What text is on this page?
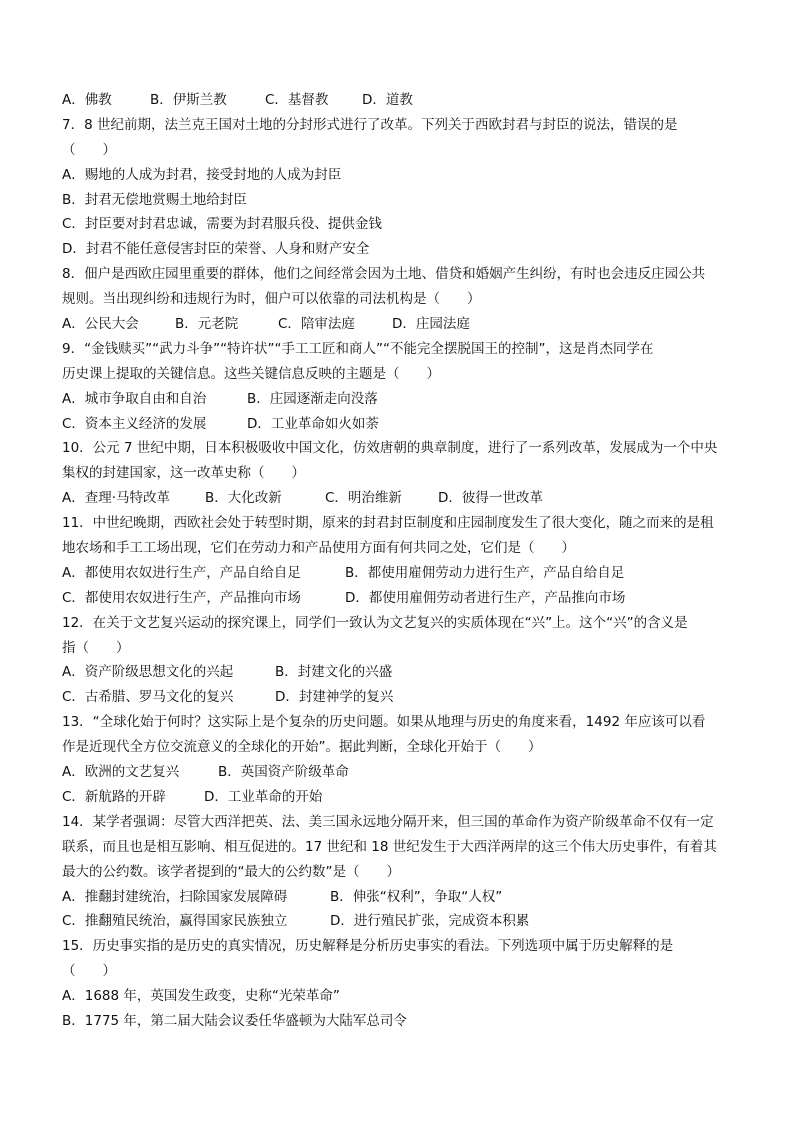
A．佛教	B．伊斯兰教	C．基督教	D．道教
7．8 世纪前期，法兰克王国对土地的分封形式进行了改革。下列关于西欧封君与封臣的说法，错误的是
（　　）
A．赐地的人成为封君，接受封地的人成为封臣
B．封君无偿地赏赐土地给封臣
C．封臣要对封君忠诚，需要为封君服兵役、提供金钱
D．封君不能任意侵害封臣的荣誉、人身和财产安全
8．佃户是西欧庄园里重要的群体，他们之间经常会因为土地、借贷和婚姻产生纠纷，有时也会违反庄园公共
规则。当出现纠纷和违规行为时，佃户可以依靠的司法机构是（　　）
A．公民大会	B．元老院	C．陪审法庭	D．庄园法庭
9．“金钱赎买”“武力斗争”“特许状”“手工工匠和商人”“不能完全摆脱国王的控制”，这是肖杰同学在
历史课上提取的关键信息。这些关键信息反映的主题是（　　）
A．城市争取自由和自治	B．庄园逐渐走向没落
C．资本主义经济的发展	D．工业革命如火如荼
10．公元 7 世纪中期，日本积极吸收中国文化，仿效唐朝的典章制度，进行了一系列改革，发展成为一个中央
集权的封建国家，这一改革史称（　　）
A．查理·马特改革	B．大化改新	C．明治维新	D．彼得一世改革
11．中世纪晚期，西欧社会处于转型时期，原来的封君封臣制度和庄园制度发生了很大变化，随之而来的是租
地农场和手工工场出现，它们在劳动力和产品使用方面有何共同之处，它们是（　　）
A．都使用农奴进行生产，产品自给自足	B．都使用雇佣劳动力进行生产，产品自给自足
C．都使用农奴进行生产，产品推向市场	D．都使用雇佣劳动者进行生产，产品推向市场
12．在关于文艺复兴运动的探究课上，同学们一致认为文艺复兴的实质体现在“兴”上。这个“兴”的含义是
指（　　）
A．资产阶级思想文化的兴起	B．封建文化的兴盛
C．古希腊、罗马文化的复兴	D．封建神学的复兴
13．“全球化始于何时？这实际上是个复杂的历史问题。如果从地理与历史的角度来看，1492 年应该可以看
作是近现代全方位交流意义的全球化的开始”。据此判断，全球化开始于（　　）
A．欧洲的文艺复兴	B．英国资产阶级革命
C．新航路的开辟	D．工业革命的开始
14．某学者强调：尽管大西洋把英、法、美三国永远地分隔开来，但三国的革命作为资产阶级革命不仅有一定
联系，而且也是相互影响、相互促进的。17 世纪和 18 世纪发生于大西洋两岸的这三个伟大历史事件，有着其
最大的公约数。该学者提到的“最大的公约数”是（　　）
A．推翻封建统治，扫除国家发展障碍	B．伸张“权利”，争取“人权”
C．推翻殖民统治，赢得国家民族独立	D．进行殖民扩张，完成资本积累
15．历史事实指的是历史的真实情况，历史解释是分析历史事实的看法。下列选项中属于历史解释的是
（　　）
A．1688 年，英国发生政变，史称“光荣革命”
B．1775 年，第二届大陆会议委任华盛顿为大陆军总司令
